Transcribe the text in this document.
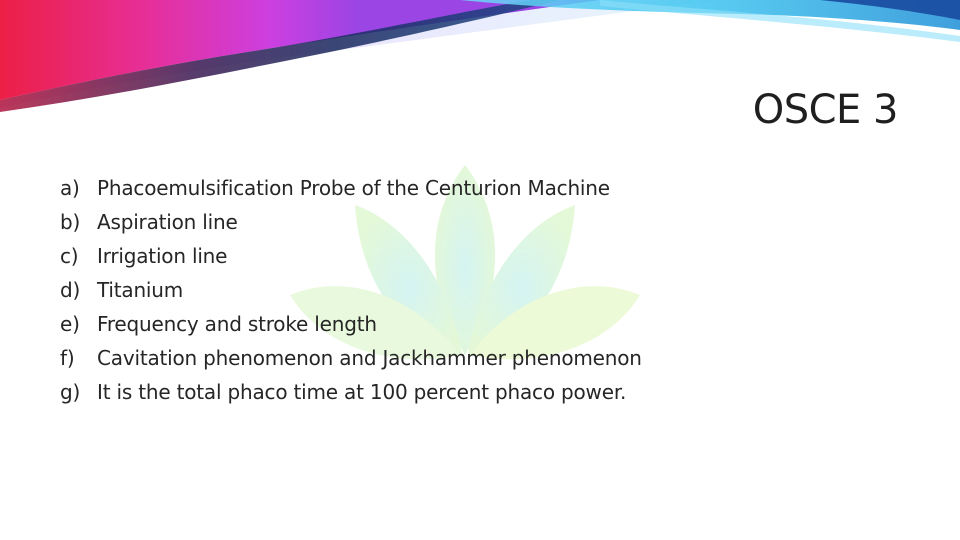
OSCE 3
a) Phacoemulsification Probe of the Centurion Machine
b) Aspiration line
c) Irrigation line
d) Titanium
e) Frequency and stroke length
f)	Cavitation phenomenon and Jackhammer phenomenon
g) It is the total phaco time at 100 percent phaco power.
